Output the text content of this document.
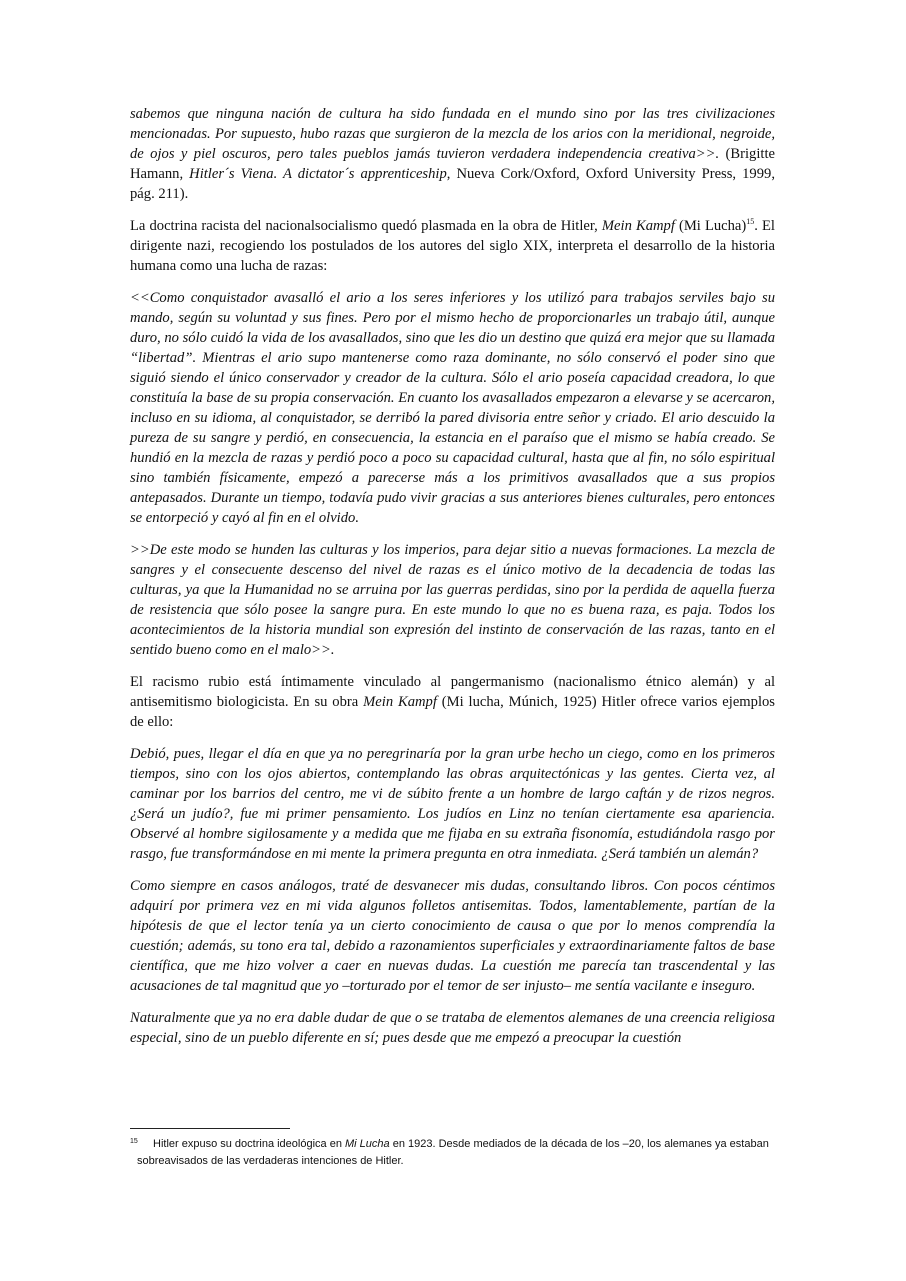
sabemos que ninguna nación de cultura ha sido fundada en el mundo sino por las tres civilizaciones mencionadas. Por supuesto, hubo razas que surgieron de la mezcla de los arios con la meridional, negroide, de ojos y piel oscuros, pero tales pueblos jamás tuvieron verdadera independencia creativa>>. (Brigitte Hamann, Hitler´s Viena. A dictator´s apprenticeship, Nueva Cork/Oxford, Oxford University Press, 1999, pág. 211).

La doctrina racista del nacionalsocialismo quedó plasmada en la obra de Hitler, Mein Kampf (Mi Lucha)$^{15}$. El dirigente nazi, recogiendo los postulados de los autores del siglo XIX, interpreta el desarrollo de la historia humana como una lucha de razas:

<<Como conquistador avasalló el ario a los seres inferiores y los utilizó para trabajos serviles bajo su mando, según su voluntad y sus fines. Pero por el mismo hecho de proporcionarles un trabajo útil, aunque duro, no sólo cuidó la vida de los avasallados, sino que les dio un destino que quizá era mejor que su llamada “libertad”. Mientras el ario supo mantenerse como raza dominante, no sólo conservó el poder sino que siguió siendo el único conservador y creador de la cultura. Sólo el ario poseía capacidad creadora, lo que constituía la base de su propia conservación. En cuanto los avasallados empezaron a elevarse y se acercaron, incluso en su idioma, al conquistador, se derribó la pared divisoria entre señor y criado. El ario descuido la pureza de su sangre y perdió, en consecuencia, la estancia en el paraíso que el mismo se había creado. Se hundió en la mezcla de razas y perdió poco a poco su capacidad cultural, hasta que al fin, no sólo espiritual sino también físicamente, empezó a parecerse más a los primitivos avasallados que a sus propios antepasados. Durante un tiempo, todavía pudo vivir gracias a sus anteriores bienes culturales, pero entonces se entorpeció y cayó al fin en el olvido.

>>De este modo se hunden las culturas y los imperios, para dejar sitio a nuevas formaciones. La mezcla de sangres y el consecuente descenso del nivel de razas es el único motivo de la decadencia de todas las culturas, ya que la Humanidad no se arruina por las guerras perdidas, sino por la perdida de aquella fuerza de resistencia que sólo posee la sangre pura. En este mundo lo que no es buena raza, es paja. Todos los acontecimientos de la historia mundial son expresión del instinto de conservación de las razas, tanto en el sentido bueno como en el malo>>.

El racismo rubio está íntimamente vinculado al pangermanismo (nacionalismo étnico alemán) y al antisemitismo biologicista. En su obra Mein Kampf (Mi lucha, Múnich, 1925) Hitler ofrece varios ejemplos de ello:

Debió, pues, llegar el día en que ya no peregrinaría por la gran urbe hecho un ciego, como en los primeros tiempos, sino con los ojos abiertos, contemplando las obras arquitectónicas y las gentes. Cierta vez, al caminar por los barrios del centro, me vi de súbito frente a un hombre de largo caftán y de rizos negros. ¿Será un judío?, fue mi primer pensamiento. Los judíos en Linz no tenían ciertamente esa apariencia. Observé al hombre sigilosamente y a medida que me fijaba en su extraña fisonomía, estudiándola rasgo por rasgo, fue transformándose en mi mente la primera pregunta en otra inmediata. ¿Será también un alemán?

Como siempre en casos análogos, traté de desvanecer mis dudas, consultando libros. Con pocos céntimos adquirí por primera vez en mi vida algunos folletos antisemitas. Todos, lamentablemente, partían de la hipótesis de que el lector tenía ya un cierto conocimiento de causa o que por lo menos comprendía la cuestión; además, su tono era tal, debido a razonamientos superficiales y extraordinariamente faltos de base científica, que me hizo volver a caer en nuevas dudas. La cuestión me parecía tan trascendental y las acusaciones de tal magnitud que yo –torturado por el temor de ser injusto– me sentía vacilante e inseguro.

Naturalmente que ya no era dable dudar de que o se trataba de elementos alemanes de una creencia religiosa especial, sino de un pueblo diferente en sí; pues desde que me empezó a preocupar la cuestión

15	Hitler expuso su doctrina ideológica en Mi Lucha en 1923. Desde mediados de la década de los –20, los alemanes ya estaban
sobreavisados de las verdaderas intenciones de Hitler.
